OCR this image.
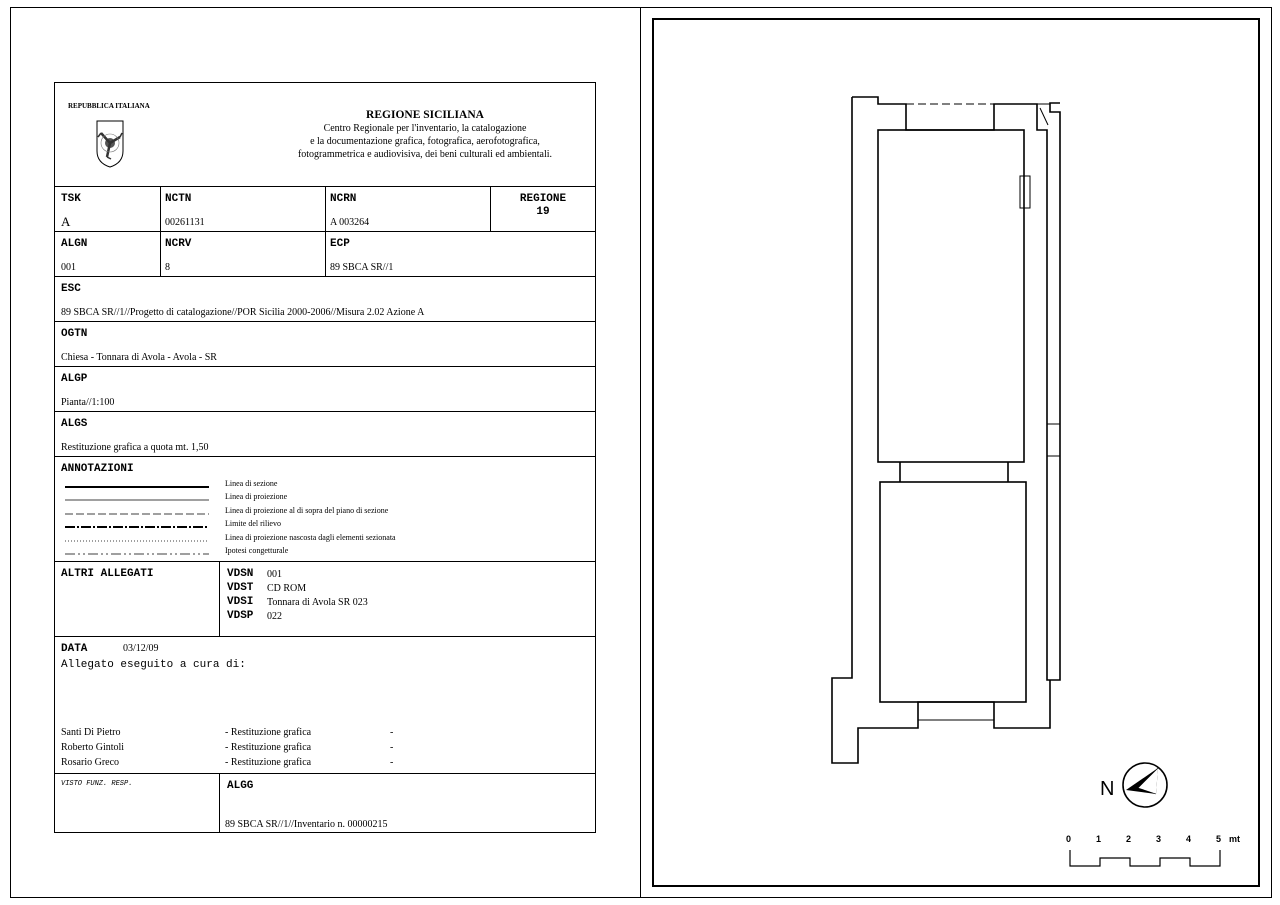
REPUBBLICA ITALIANA
REGIONE SICILIANA
Centro Regionale per l'inventario, la catalogazione
e la documentazione grafica, fotografica, aerofotografica,
fotogrammetrica e audiovisiva, dei beni culturali ed ambientali.
TSK
A
NCTN
00261131
NCRN
A 003264
REGIONE
19
ALGN
001
NCRV
8
ECP
89 SBCA SR//1
ESC
89 SBCA SR//1//Progetto di catalogazione//POR Sicilia 2000-2006//Misura 2.02 Azione A
OGTN
Chiesa - Tonnara di Avola - Avola - SR
ALGP
Pianta//1:100
ALGS
Restituzione grafica a quota mt. 1,50
ANNOTAZIONI
Linea di sezione
Linea di proiezione
Linea di proiezione al di sopra del piano di sezione
Limite del rilievo
Linea di proiezione nascosta dagli elementi sezionata
Ipotesi congetturale
ALTRI ALLEGATI	VDSN 001
VDST CD ROM
VDSI Tonnara di Avola SR 023
VDSP 022
DATA	03/12/09
Allegato eseguito a cura di:
Santi Di Pietro	- Restituzione grafica	-
Roberto Gintoli	- Restituzione grafica	-
Rosario Greco	- Restituzione grafica	-
VISTO FUNZ. RESP.	ALGG
89 SBCA SR//1//Inventario n. 00000215
N
0	1	2	3	4	5 mt
